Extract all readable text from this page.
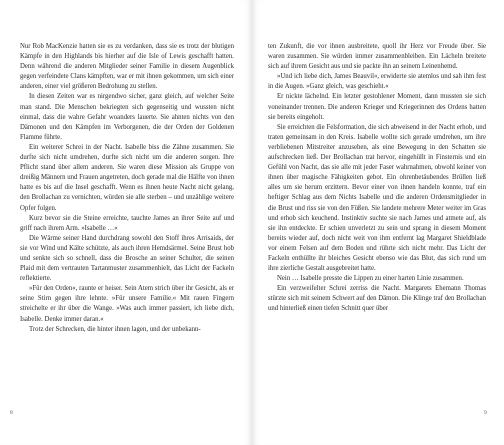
Nur Rob MacKenzie hatten sie es zu verdanken, dass sie es trotz der blutigen Kämpfe in den Highlands bis hierher auf die Isle of Lewis geschafft hatten. Denn während die anderen Mitglieder seiner Familie in diesem Augenblick gegen verfeindete Clans kämpften, war er mit ihnen gekommen, um sich einer anderen, einer viel größeren Bedrohung zu stellen.

In diesen Zeiten war es nirgendwo sicher, ganz gleich, auf welcher Seite man stand. Die Menschen bekriegten sich gegenseitig und wussten nicht einmal, dass die wahre Gefahr woanders lauerte. Sie ahnten nichts von den Dämonen und den Kämpfen im Verborgenen, die der Orden der Goldenen Flamme führte.

Ein weiterer Schrei in der Nacht. Isabelle biss die Zähne zusammen. Sie durfte sich nicht umdrehen, durfte sich nicht um die anderen sorgen. Ihre Pflicht stand über allem anderen. Sie waren diese Mission als Gruppe von dreißig Männern und Frauen angetreten, doch gerade mal die Hälfte von ihnen hatte es bis auf die Insel geschafft. Wenn es ihnen heute Nacht nicht gelang, den Brollachan zu vernichten, würden sie alle sterben – und unzählige weitere Opfer folgen.

Kurz bevor sie die Steine erreichte, tauchte James an ihrer Seite auf und griff nach ihrem Arm. »Isabelle …«

Die Wärme seiner Hand durchdrang sowohl den Stoff ihres Arrisaids, der sie vor Wind und Kälte schützte, als auch ihren Hemdsärmel. Seine Brust hob und senkte sich so schnell, dass die Brosche an seiner Schulter, die seinen Plaid mit dem vertrauten Tartanmuster zusammenhielt, das Licht der Fackeln reflektierte.

»Für den Orden«, raunte er heiser. Sein Atem strich über ihr Gesicht, als er seine Stirn gegen ihre lehnte. »Für unsere Familie.« Mit rauen Fingern streichelte er ihr über die Wange. »Was auch immer passiert, ich liebe dich, Isabelle. Denke immer daran.«

Trotz der Schrecken, die hinter ihnen lagen, und der unbekann-

8

ten Zukunft, die vor ihnen ausbreitete, quoll ihr Herz vor Freude über. Sie waren zusammen. Sie würden immer zusammenbleiben. Ein Lächeln breitete sich auf ihrem Gesicht aus und sie packte ihn an seinem Leinenhemd.

»Und ich liebe dich, James Beauvil«, erwiderte sie atemlos und sah ihm fest in die Augen. »Ganz gleich, was geschieht.«

Er nickte lächelnd. Ein letzter gestohlener Moment, dann mussten sie sich voneinander trennen. Die anderen Krieger und Kriegerinnen des Ordens hatten sie bereits eingeholt.

Sie erreichten die Felsformation, die sich abweisend in der Nacht erhob, und traten gemeinsam in den Kreis. Isabelle wollte sich gerade umdrehen, um ihre verbliebenen Mitstreiter anzusehen, als eine Bewegung in den Schatten sie aufschrecken ließ. Der Brollachan trat hervor, eingehüllt in Finsternis und ein Gefühl von Nacht, das sie alle mit jeder Faser wahrnahmen, obwohl keiner von ihnen über magische Fähigkeiten gebot. Ein ohrenbetäubendes Brüllen ließ alles um sie herum erzittern. Bevor einer von ihnen handeln konnte, traf ein heftiger Schlag aus dem Nichts Isabelle und die anderen Ordensmitglieder in die Brust und riss sie von den Füßen. Sie landete mehrere Meter weiter im Gras und erhob sich keuchend. Instinktiv suchte sie nach James und atmete auf, als sie ihn entdeckte. Er schien unverletzt zu sein und sprang in diesem Moment bereits wieder auf, doch nicht weit von ihm entfernt lag Margaret Shieldblade vor einem Felsen auf dem Boden und rührte sich nicht mehr. Das Licht der Fackeln enthüllte ihr bleiches Gesicht ebenso wie das Blut, das sich rund um ihre zierliche Gestalt ausgebreitet hatte.

Nein … Isabelle presste die Lippen zu einer harten Linie zusammen.

Ein verzweifelter Schrei zerriss die Nacht. Margarets Ehemann Thomas stürzte sich mit seinem Schwert auf den Dämon. Die Klinge traf den Brollachan und hinterließ einen tiefen Schnitt quer über

9
